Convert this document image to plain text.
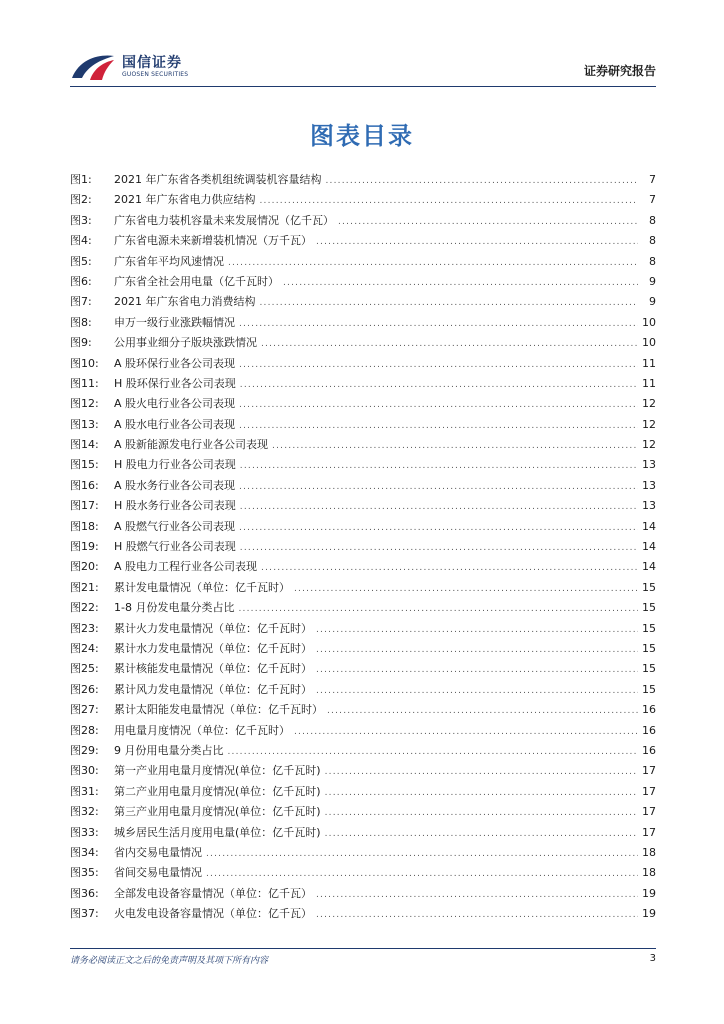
国信证券
GUOSEN SECURITIES	证券研究报告
图表目录
图1:	2021 年广东省各类机组统调装机容量结构 .....	7
图2:	2021 年广东省电力供应结构 .....	7
图3:	广东省电力装机容量未来发展情况（亿千瓦） .....	8
图4:	广东省电源未来新增装机情况（万千瓦） .....	8
图5:	广东省年平均风速情况 .....	8
图6:	广东省全社会用电量（亿千瓦时） .....	9
图7:	2021 年广东省电力消费结构 .....	9
图8:	申万一级行业涨跌幅情况 .....	10
图9:	公用事业细分子版块涨跌情况 .....	10
图10:	A 股环保行业各公司表现 .....	11
图11:	H 股环保行业各公司表现 .....	11
图12:	A 股火电行业各公司表现 .....	12
图13:	A 股水电行业各公司表现 .....	12
图14:	A 股新能源发电行业各公司表现 .....	12
图15:	H 股电力行业各公司表现 .....	13
图16:	A 股水务行业各公司表现 .....	13
图17:	H 股水务行业各公司表现 .....	13
图18:	A 股燃气行业各公司表现 .....	14
图19:	H 股燃气行业各公司表现 .....	14
图20:	A 股电力工程行业各公司表现 .....	14
图21:	累计发电量情况（单位：亿千瓦时） .....	15
图22:	1-8 月份发电量分类占比 .....	15
图23:	累计火力发电量情况（单位：亿千瓦时） .....	15
图24:	累计水力发电量情况（单位：亿千瓦时） .....	15
图25:	累计核能发电量情况（单位：亿千瓦时） .....	15
图26:	累计风力发电量情况（单位：亿千瓦时） .....	15
图27:	累计太阳能发电量情况（单位：亿千瓦时） .....	16
图28:	用电量月度情况（单位：亿千瓦时） .....	16
图29:	9 月份用电量分类占比 .....	16
图30:	第一产业用电量月度情况(单位：亿千瓦时) .....	17
图31:	第二产业用电量月度情况(单位：亿千瓦时) .....	17
图32:	第三产业用电量月度情况(单位：亿千瓦时) .....	17
图33:	城乡居民生活月度用电量(单位：亿千瓦时) .....	17
图34:	省内交易电量情况 .....	18
图35:	省间交易电量情况 .....	18
图36:	全部发电设备容量情况（单位：亿千瓦） .....	19
图37:	火电发电设备容量情况（单位：亿千瓦） .....	19
请务必阅读正文之后的免责声明及其项下所有内容	3
